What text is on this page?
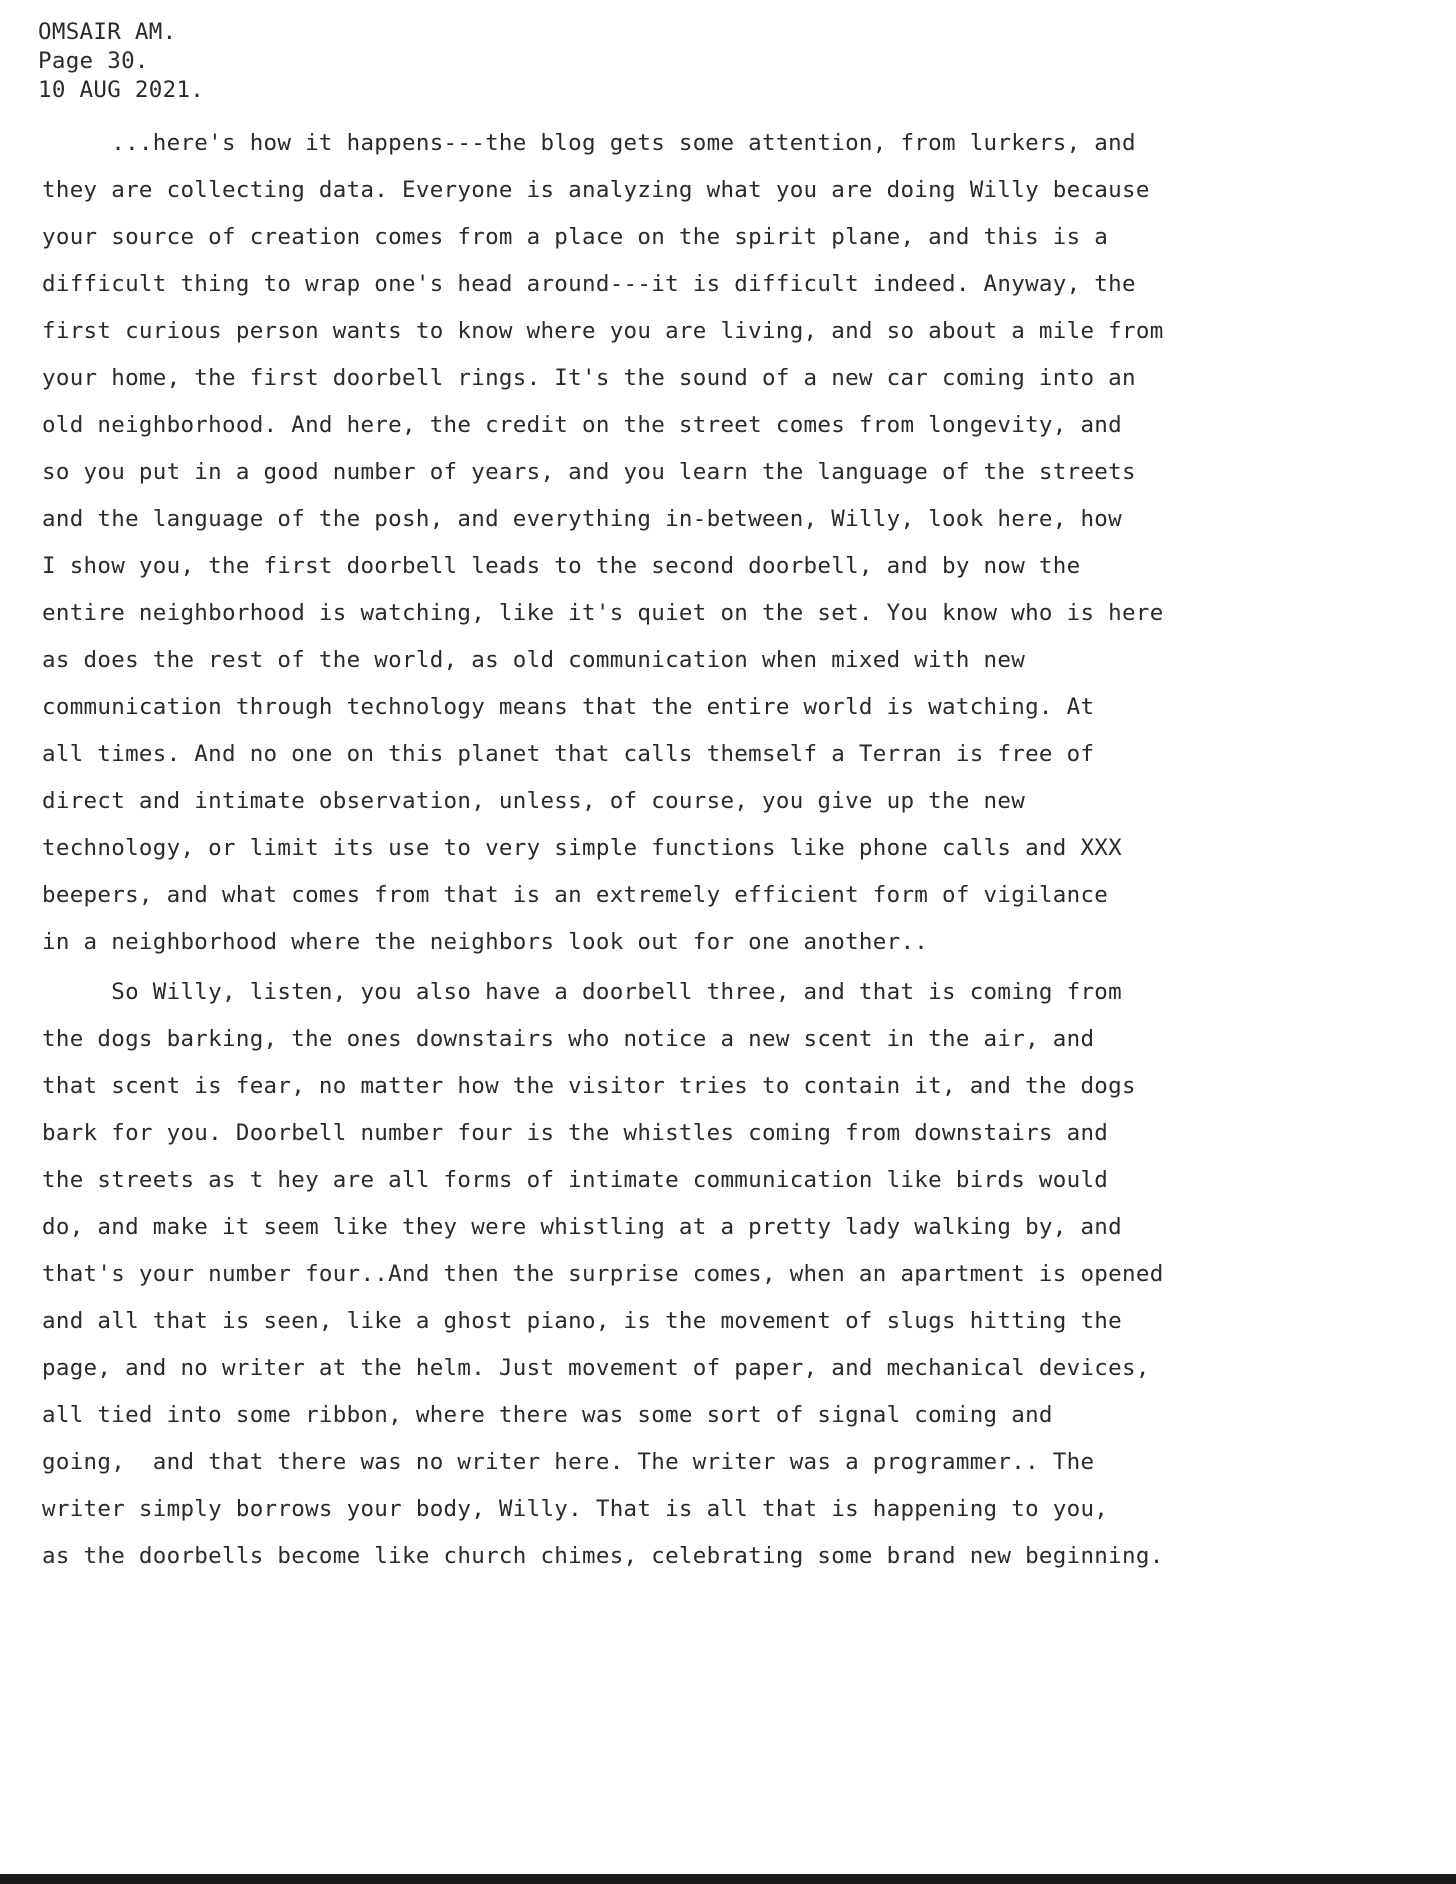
OMSAIR AM.
Page 30.
10 AUG 2021.
...here's how it happens---the blog gets some attention, from lurkers, and
they are collecting data. Everyone is analyzing what you are doing Willy because
your source of creation comes from a place on the spirit plane, and this is a
difficult thing to wrap one's head around---it is difficult indeed. Anyway, the
first curious person wants to know where you are living, and so about a mile from
your home, the first doorbell rings. It's the sound of a new car coming into an
old neighborhood. And here, the credit on the street comes from longevity, and
so you put in a good number of years, and you learn the language of the streets
and the language of the posh, and everything in-between, Willy, look here, how
I show you, the first doorbell leads to the second doorbell, and by now the
entire neighborhood is watching, like it's quiet on the set. You know who is here
as does the rest of the world, as old communication when mixed with new
communication through technology means that the entire world is watching. At
all times. And no one on this planet that calls themself a Terran is free of
direct and intimate observation, unless, of course, you give up the new
technology, or limit its use to very simple functions like phone calls and XXX
beepers, and what comes from that is an extremely efficient form of vigilance
in a neighborhood where the neighbors look out for one another..
So Willy, listen, you also have a doorbell three, and that is coming from
the dogs barking, the ones downstairs who notice a new scent in the air, and
that scent is fear, no matter how the visitor tries to contain it, and the dogs
bark for you. Doorbell number four is the whistles coming from downstairs and
the streets as t hey are all forms of intimate communication like birds would
do, and make it seem like they were whistling at a pretty lady walking by, and
that's your number four..And then the surprise comes, when an apartment is opened
and all that is seen, like a ghost piano, is the movement of slugs hitting the
page, and no writer at the helm. Just movement of paper, and mechanical devices,
all tied into some ribbon, where there was some sort of signal coming and
going,  and that there was no writer here. The writer was a programmer.. The
writer simply borrows your body, Willy. That is all that is happening to you,
as the doorbells become like church chimes, celebrating some brand new beginning.
